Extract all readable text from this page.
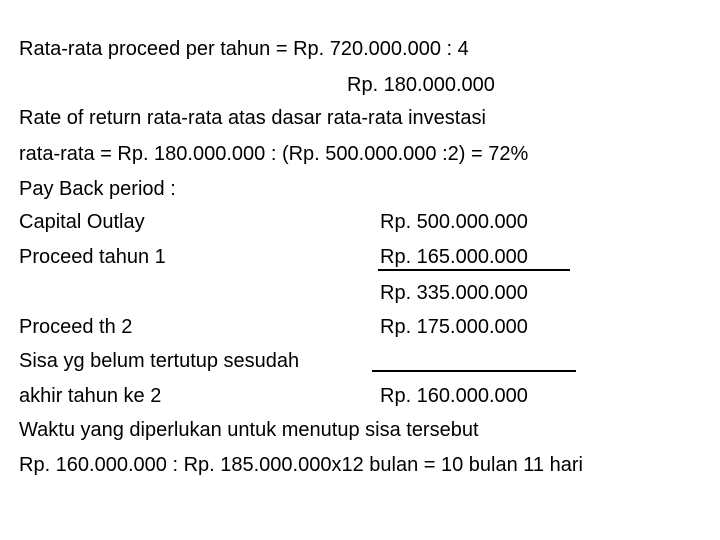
Rata-rata proceed per tahun = Rp. 720.000.000 : 4
Rp. 180.000.000
Rate of return rata-rata atas dasar rata-rata investasi
rata-rata = Rp. 180.000.000 : (Rp. 500.000.000 :2) = 72%
Pay Back period :
Capital Outlay	Rp. 500.000.000
Proceed tahun 1	Rp. 165.000.000
Rp. 335.000.000
Proceed th 2	Rp. 175.000.000
Sisa yg belum tertutup sesudah
akhir tahun ke 2	Rp. 160.000.000
Waktu yang diperlukan untuk menutup sisa tersebut
Rp. 160.000.000 : Rp. 185.000.000x12 bulan = 10 bulan 11 hari
